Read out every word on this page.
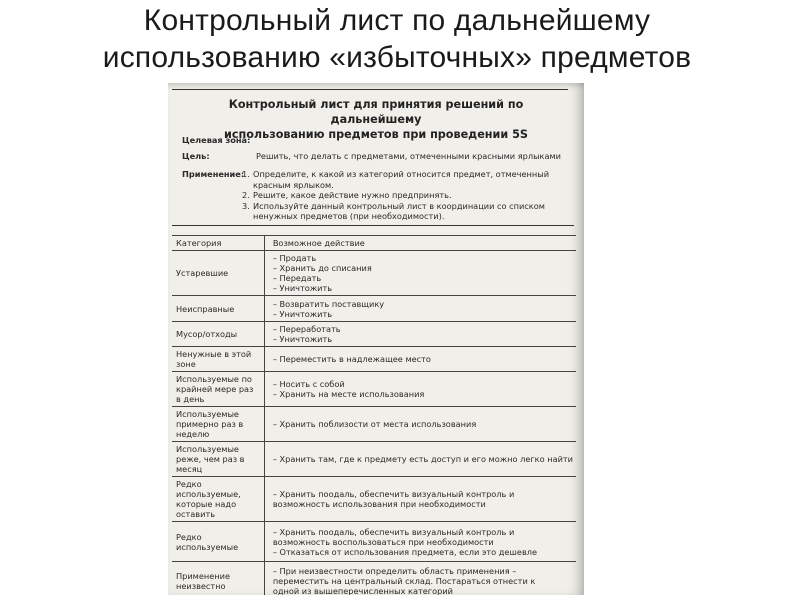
Контрольный лист по дальнейшему
использованию «избыточных» предметов
Контрольный лист для принятия решений по дальнейшему
использованию предметов при проведении 5S
Целевая зона:
Цель:	Решить, что делать с предметами, отмеченными красными ярлыками
Применение:
1. Определите, к какой из категорий относится предмет, отмеченный красным ярлыком.
2. Решите, какое действие нужно предпринять.
3. Используйте данный контрольный лист в координации со списком ненужных предметов (при необходимости).
Категория	Возможное действие
Устаревшие	– Продать
– Хранить до списания
– Передать
– Уничтожить

Неисправные	– Возвратить поставщику
– Уничтожить

Мусор/отходы	– Переработать
– Уничтожить

Ненужные в этой зоне	– Переместить в надлежащее место

Используемые по крайней мере раз в день	– Носить с собой
– Хранить на месте использования

Используемые примерно раз в неделю	– Хранить поблизости от места использования

Используемые реже, чем раз в месяц	– Хранить там, где к предмету есть доступ и его можно легко найти

Редко используемые, которые надо оставить	– Хранить поодаль, обеспечить визуальный контроль и
возможность использования при необходимости

Редко используемые	– Хранить поодаль, обеспечить визуальный контроль и
возможность воспользоваться при необходимости
– Отказаться от использования предмета, если это дешевле

Применение неизвестно	– При неизвестности определить область применения –
переместить на центральный склад. Постараться отнести к
одной из вышеперечисленных категорий
